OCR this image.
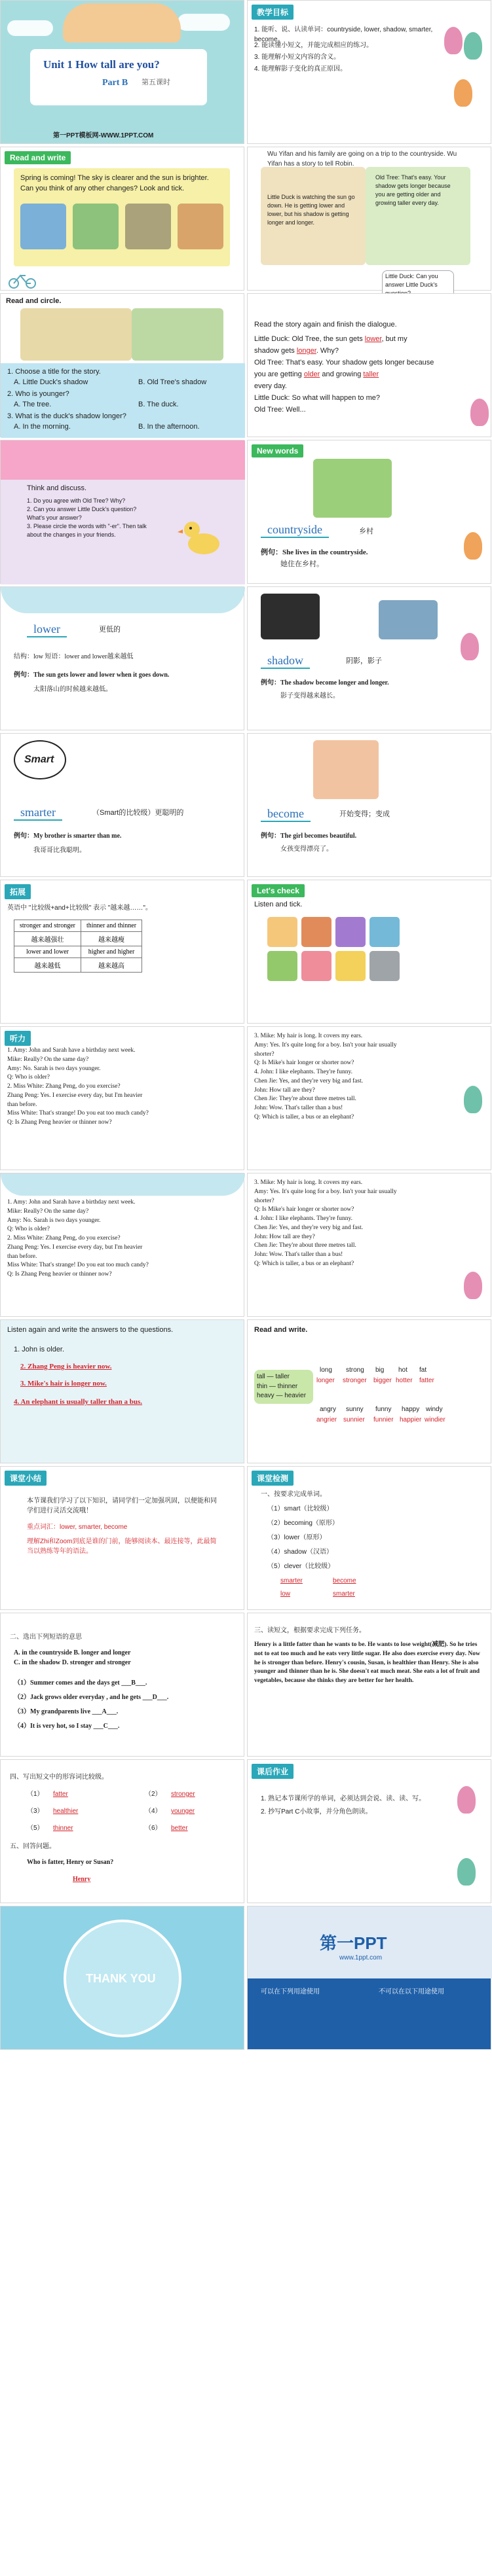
Unit 1 How tall are you?
Part B 第五课时
第一PPT模板网-WWW.1PPT.COM
教学目标
1. 能听、说、认读单词：countryside, lower, shadow, smarter, become。
2. 能读懂小短文，并能完成相应的练习。
3. 能理解小短文内容的含义。
4. 能理解影子变化的真正原因。
Read and write
Spring is coming! The sky is clearer and the sun is brighter.
Can you think of any other changes? Look and tick.
Wu Yifan and his family are going on a trip to the countryside. Wu Yifan has a story to tell Robin.
Little Duck is watching the sun go down. He is getting lower and lower, but his shadow is getting longer and longer.
Old Tree: That's easy. Your shadow gets longer because you are getting older and growing taller every day.
Little Duck: Can you answer Little Duck's
Read and circle.
1. Choose a title for the story.
A. Little Duck's shadow	B. Old Tree's shadow
2. Who is younger?
A. The tree.	B. The duck.
3. What is the duck's shadow longer?
A. In the morning.	B. In the afternoon.
Read the story again and finish the dialogue.
Little Duck: Old Tree, the sun gets lower, but my
shadow gets longer. Why?
Old Tree: That's easy. Your shadow gets longer because
you are getting older and growing taller
every day.
Little Duck: So what will happen to me?
Old Tree: Well...
Think and discuss.
1. Do you agree with Old Tree? Why?
2. Can you answer Little Duck's question?
What's your answer?
3. Please circle the words with "-er". Then talk
about the changes in your friends.
New words
countryside	乡村
例句：She lives in the countryside.
她住在乡村。
lower	更低的
结构：low 短语：lower and lower越来越低
例句：The sun gets lower and lower when it goes down.
太阳落山的时候越来越低。
shadow	阴影，影子
例句：The shadow become longer and longer.
影子变得越来越长。
Smart
smarter	（Smart的比较级）更聪明的
例句：My brother is smarter than me.
我哥哥比我聪明。
become	开始变得；变成
例句：The girl becomes beautiful.
女孩变得漂亮了。
拓展
英语中 "比较级+and+比较级" 表示 "越来越……"。
stronger and stronger	thinner and thinner
越来越强壮	越来越瘦
lower and lower	higher and higher
越来越低	越来越高
Let's check
Listen and tick.
听力
1. Amy: John and Sarah have a birthday next week.
Mike: Really? On the same day?
Amy: No. Sarah is two days younger.
Q: Who is older?
2. Miss White: Zhang Peng, do you exercise?
Zhang Peng: Yes. I exercise every day, but I'm heavier
than before.
Miss White: That's strange! Do you eat too much candy?
Q: Is Zhang Peng heavier or thinner now?
3. Mike: My hair is long. It covers my ears.
Amy: Yes. It's quite long for a boy. Isn't your hair usually
shorter?
Q: Is Mike's hair longer or shorter now?
4. John: I like elephants. They're funny.
Chen Jie: Yes, and they're very big and fast.
John: How tall are they?
Chen Jie: They're about three metres tall.
John: Wow. That's taller than a bus!
Q: Which is taller, a bus or an elephant?
1. Amy: John and Sarah have a birthday next week.
Mike: Really? On the same day?
Amy: No. Sarah is two days younger.
Q: Who is older?
2. Miss White: Zhang Peng, do you exercise?
Zhang Peng: Yes. I exercise every day, but I'm heavier
than before.
Miss White: That's strange! Do you eat too much candy?
Q: Is Zhang Peng heavier or thinner now?
3. Mike: My hair is long. It covers my ears.
Amy: Yes. It's quite long for a boy. Isn't your hair usually
shorter?
Q: Is Mike's hair longer or shorter now?
4. John: I like elephants. They're funny.
Chen Jie: Yes, and they're very big and fast.
John: How tall are they?
Chen Jie: They're about three metres tall.
John: Wow. That's taller than a bus!
Q: Which is taller, a bus or an elephant?
Listen again and write the answers to the questions.
1. John is older.
2. Zhang Peng is heavier now.
3. Mike's hair is longer now.
4. An elephant is usually taller than a bus.
Read and write.
tall — taller
thin — thinner
heavy — heavier
long strong big hot fat
longer stronger bigger hotter fatter
angry sunny funny happy windy
angrier sunnier funnier happier windier
课堂小结
本节课我们学习了以下知识，请同学们一定加强巩固，以便能和同学们进行灵活交流哦！
重点词汇：lower, smarter, become
理解Zhi和Zoom到底是谁的门前，能够阅读本、最连接等，此最简当以熟练等年的语法。
课堂检测
一、按要求完成单词。
（1）smart（比较级）
（2）becoming（原形）
（3）lower（原形）
（4）shadow（汉语）
（5）clever（比较级）
smarter	become
low	smarter
二、选出下列短语的意思
A. in the countryside B. longer and longer
C. in the shadow D. stronger and stronger
（1）Summer comes and the days get ___B___.
（2）Jack grows older everyday , and he gets ___D___.
（3）My grandparents live ___A___.
（4）It is very hot, so I stay ___C___.
三、读短文，根据要求完成下列任务。
Henry is a little fatter than he wants to be. He wants to lose weight(减肥). So he tries not to eat too much and he eats very little sugar. He also does exercise every day. Now he is stronger than before. Henry's cousin, Susan, is healthier than Henry. She is also younger and thinner than he is. She doesn't eat much meat. She eats a lot of fruit and vegetables, because she thinks they are better for her health.
四、写出短文中的形容词比较级。
（1） fatter	（2） stronger
（3） healthier	（4） younger
（5） thinner	（6） better
五、回答问题。
Who is fatter, Henry or Susan?
Henry
课后作业
1. 熟记本节课所学的单词，必须达到会说、读、读、写。
2. 抄写Part C小故事，并分角色朗读。
THANK YOU
第一PPT
www.1ppt.com
可以在下列用途使用	不可以在以下用途使用
